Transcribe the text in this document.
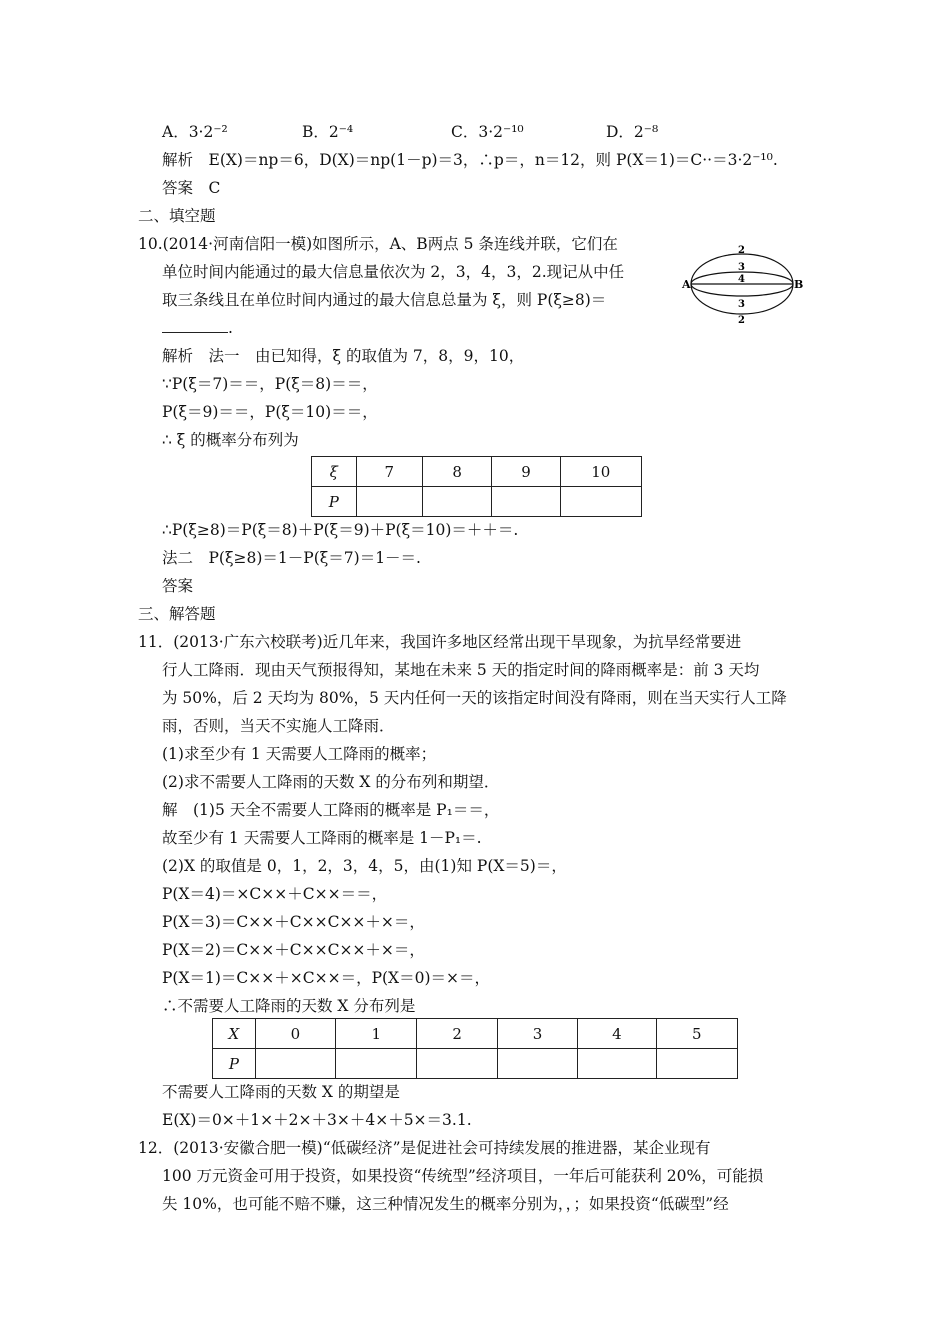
A．3·2⁻²	B．2⁻⁴	C．3·2⁻¹⁰	D．2⁻⁸
解析　E(X)＝np＝6，D(X)＝np(1－p)＝3，∴p＝，n＝12，则 P(X＝1)＝C··＝3·2⁻¹⁰.
答案　C
二、填空题
10.(2014·河南信阳一模)如图所示，A、B两点 5 条连线并联，它们在
单位时间内能通过的最大信息量依次为 2，3，4，3，2.现记从中任
取三条线且在单位时间内通过的最大信息总量为 ξ，则 P(ξ≥8)＝
.
A	B
2
3
4
3
2
解析　法一　由已知得，ξ 的取值为 7，8，9，10，
∵P(ξ＝7)＝＝，P(ξ＝8)＝＝，
P(ξ＝9)＝＝，P(ξ＝10)＝＝，
∴ ξ 的概率分布列为
ξ	7	8	9	10
P				
∴P(ξ≥8)＝P(ξ＝8)＋P(ξ＝9)＋P(ξ＝10)＝＋＋＝.
法二　P(ξ≥8)＝1－P(ξ＝7)＝1－＝.
答案
三、解答题
11．(2013·广东六校联考)近几年来，我国许多地区经常出现干旱现象，为抗旱经常要进
行人工降雨．现由天气预报得知，某地在未来 5 天的指定时间的降雨概率是：前 3 天均
为 50%，后 2 天均为 80%，5 天内任何一天的该指定时间没有降雨，则在当天实行人工降
雨，否则，当天不实施人工降雨．
(1)求至少有 1 天需要人工降雨的概率；
(2)求不需要人工降雨的天数 X 的分布列和期望．
解　(1)5 天全不需要人工降雨的概率是 P₁＝＝，
故至少有 1 天需要人工降雨的概率是 1－P₁＝.
(2)X 的取值是 0，1，2，3，4，5，由(1)知 P(X＝5)＝，
P(X＝4)＝×C××＋C××＝＝，
P(X＝3)＝C××＋C××C××＋×＝，
P(X＝2)＝C××＋C××C××＋×＝，
P(X＝1)＝C××＋×C××＝，P(X＝0)＝×＝，
∴不需要人工降雨的天数 X 分布列是
X	0	1	2	3	4	5
P						
不需要人工降雨的天数 X 的期望是
E(X)＝0×＋1×＋2×＋3×＋4×＋5×＝3.1.
12．(2013·安徽合肥一模)“低碳经济”是促进社会可持续发展的推进器，某企业现有
100 万元资金可用于投资，如果投资“传统型”经济项目，一年后可能获利 20%，可能损
失 10%，也可能不赔不赚，这三种情况发生的概率分别为，，；如果投资“低碳型”经
